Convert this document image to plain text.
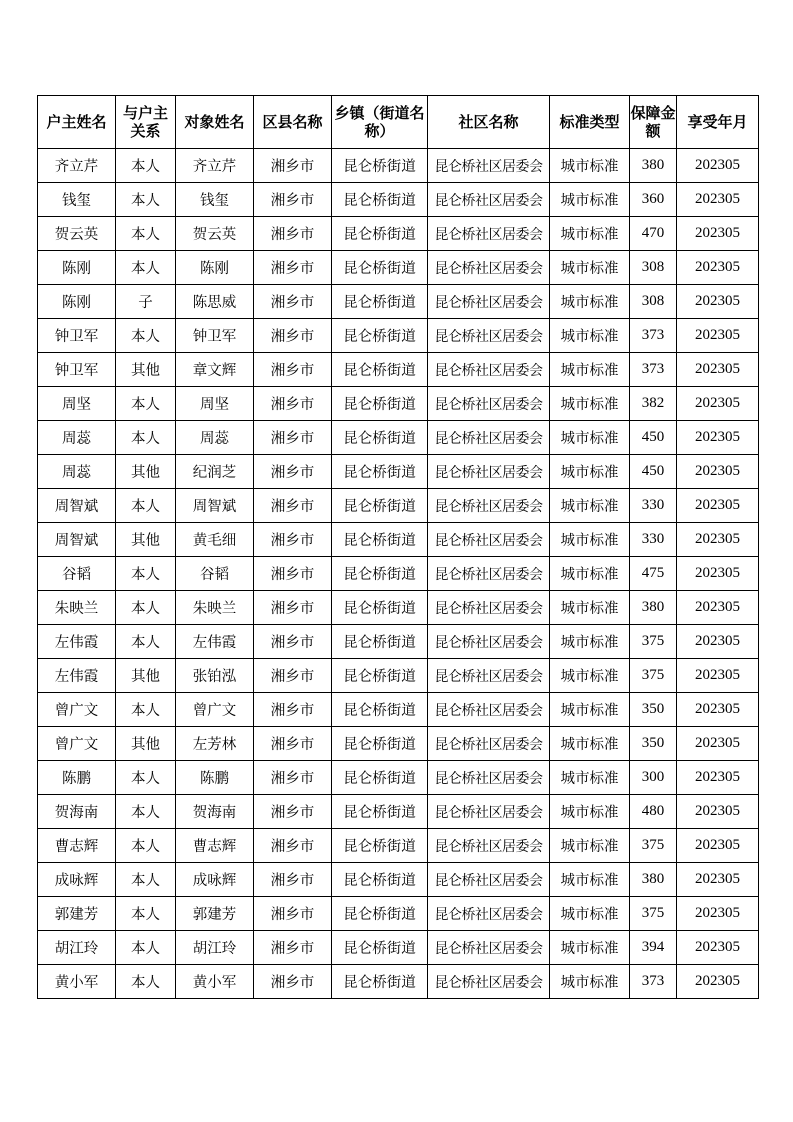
户主姓名	与户主关系	对象姓名	区县名称	乡镇（街道名称）	社区名称	标准类型	保障金额	享受年月
齐立芹	本人	齐立芹	湘乡市	昆仑桥街道	昆仑桥社区居委会	城市标准	380	202305
钱玺	本人	钱玺	湘乡市	昆仑桥街道	昆仑桥社区居委会	城市标准	360	202305
贺云英	本人	贺云英	湘乡市	昆仑桥街道	昆仑桥社区居委会	城市标准	470	202305
陈刚	本人	陈刚	湘乡市	昆仑桥街道	昆仑桥社区居委会	城市标准	308	202305
陈刚	子	陈思威	湘乡市	昆仑桥街道	昆仑桥社区居委会	城市标准	308	202305
钟卫军	本人	钟卫军	湘乡市	昆仑桥街道	昆仑桥社区居委会	城市标准	373	202305
钟卫军	其他	章文辉	湘乡市	昆仑桥街道	昆仑桥社区居委会	城市标准	373	202305
周坚	本人	周坚	湘乡市	昆仑桥街道	昆仑桥社区居委会	城市标准	382	202305
周蕊	本人	周蕊	湘乡市	昆仑桥街道	昆仑桥社区居委会	城市标准	450	202305
周蕊	其他	纪润芝	湘乡市	昆仑桥街道	昆仑桥社区居委会	城市标准	450	202305
周智斌	本人	周智斌	湘乡市	昆仑桥街道	昆仑桥社区居委会	城市标准	330	202305
周智斌	其他	黄毛细	湘乡市	昆仑桥街道	昆仑桥社区居委会	城市标准	330	202305
谷韬	本人	谷韬	湘乡市	昆仑桥街道	昆仑桥社区居委会	城市标准	475	202305
朱映兰	本人	朱映兰	湘乡市	昆仑桥街道	昆仑桥社区居委会	城市标准	380	202305
左伟霞	本人	左伟霞	湘乡市	昆仑桥街道	昆仑桥社区居委会	城市标准	375	202305
左伟霞	其他	张铂泓	湘乡市	昆仑桥街道	昆仑桥社区居委会	城市标准	375	202305
曾广文	本人	曾广文	湘乡市	昆仑桥街道	昆仑桥社区居委会	城市标准	350	202305
曾广文	其他	左芳林	湘乡市	昆仑桥街道	昆仑桥社区居委会	城市标准	350	202305
陈鹏	本人	陈鹏	湘乡市	昆仑桥街道	昆仑桥社区居委会	城市标准	300	202305
贺海南	本人	贺海南	湘乡市	昆仑桥街道	昆仑桥社区居委会	城市标准	480	202305
曹志辉	本人	曹志辉	湘乡市	昆仑桥街道	昆仑桥社区居委会	城市标准	375	202305
成咏辉	本人	成咏辉	湘乡市	昆仑桥街道	昆仑桥社区居委会	城市标准	380	202305
郭建芳	本人	郭建芳	湘乡市	昆仑桥街道	昆仑桥社区居委会	城市标准	375	202305
胡江玲	本人	胡江玲	湘乡市	昆仑桥街道	昆仑桥社区居委会	城市标准	394	202305
黄小军	本人	黄小军	湘乡市	昆仑桥街道	昆仑桥社区居委会	城市标准	373	202305
